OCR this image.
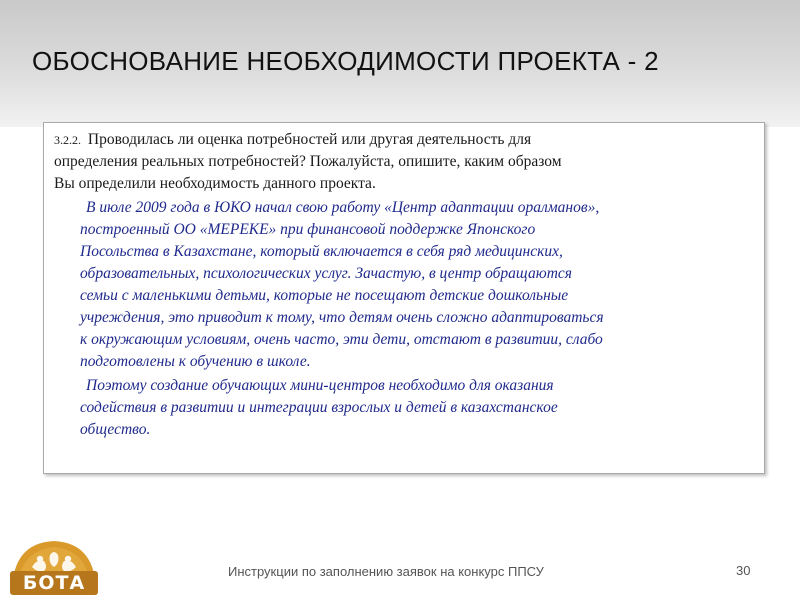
ОБОСНОВАНИЕ НЕОБХОДИМОСТИ ПРОЕКТА - 2

3.2.2. Проводилась ли оценка потребностей или другая деятельность для
определения реальных потребностей? Пожалуйста, опишите, каким образом
Вы определили необходимость данного проекта.

В июле 2009 года в ЮКО начал свою работу «Центр адаптации оралманов»,
построенный ОО «МЕРЕКЕ» при финансовой поддержке Японского
Посольства в Казахстане, который включается в себя ряд медицинских,
образовательных, психологических услуг. Зачастую, в центр обращаются
семьи с маленькими детьми, которые не посещают детские дошкольные
учреждения, это приводит к тому, что детям очень сложно адаптироваться
к окружающим условиям, очень часто, эти дети, отстают в развитии, слабо
подготовлены к обучению в школе.

Поэтому создание обучающих мини-центров необходимо для оказания
содействия в развитии и интеграции взрослых и детей в казахстанское
общество.

БОТА
Инструкции по заполнению заявок на конкурс ППСУ	30
